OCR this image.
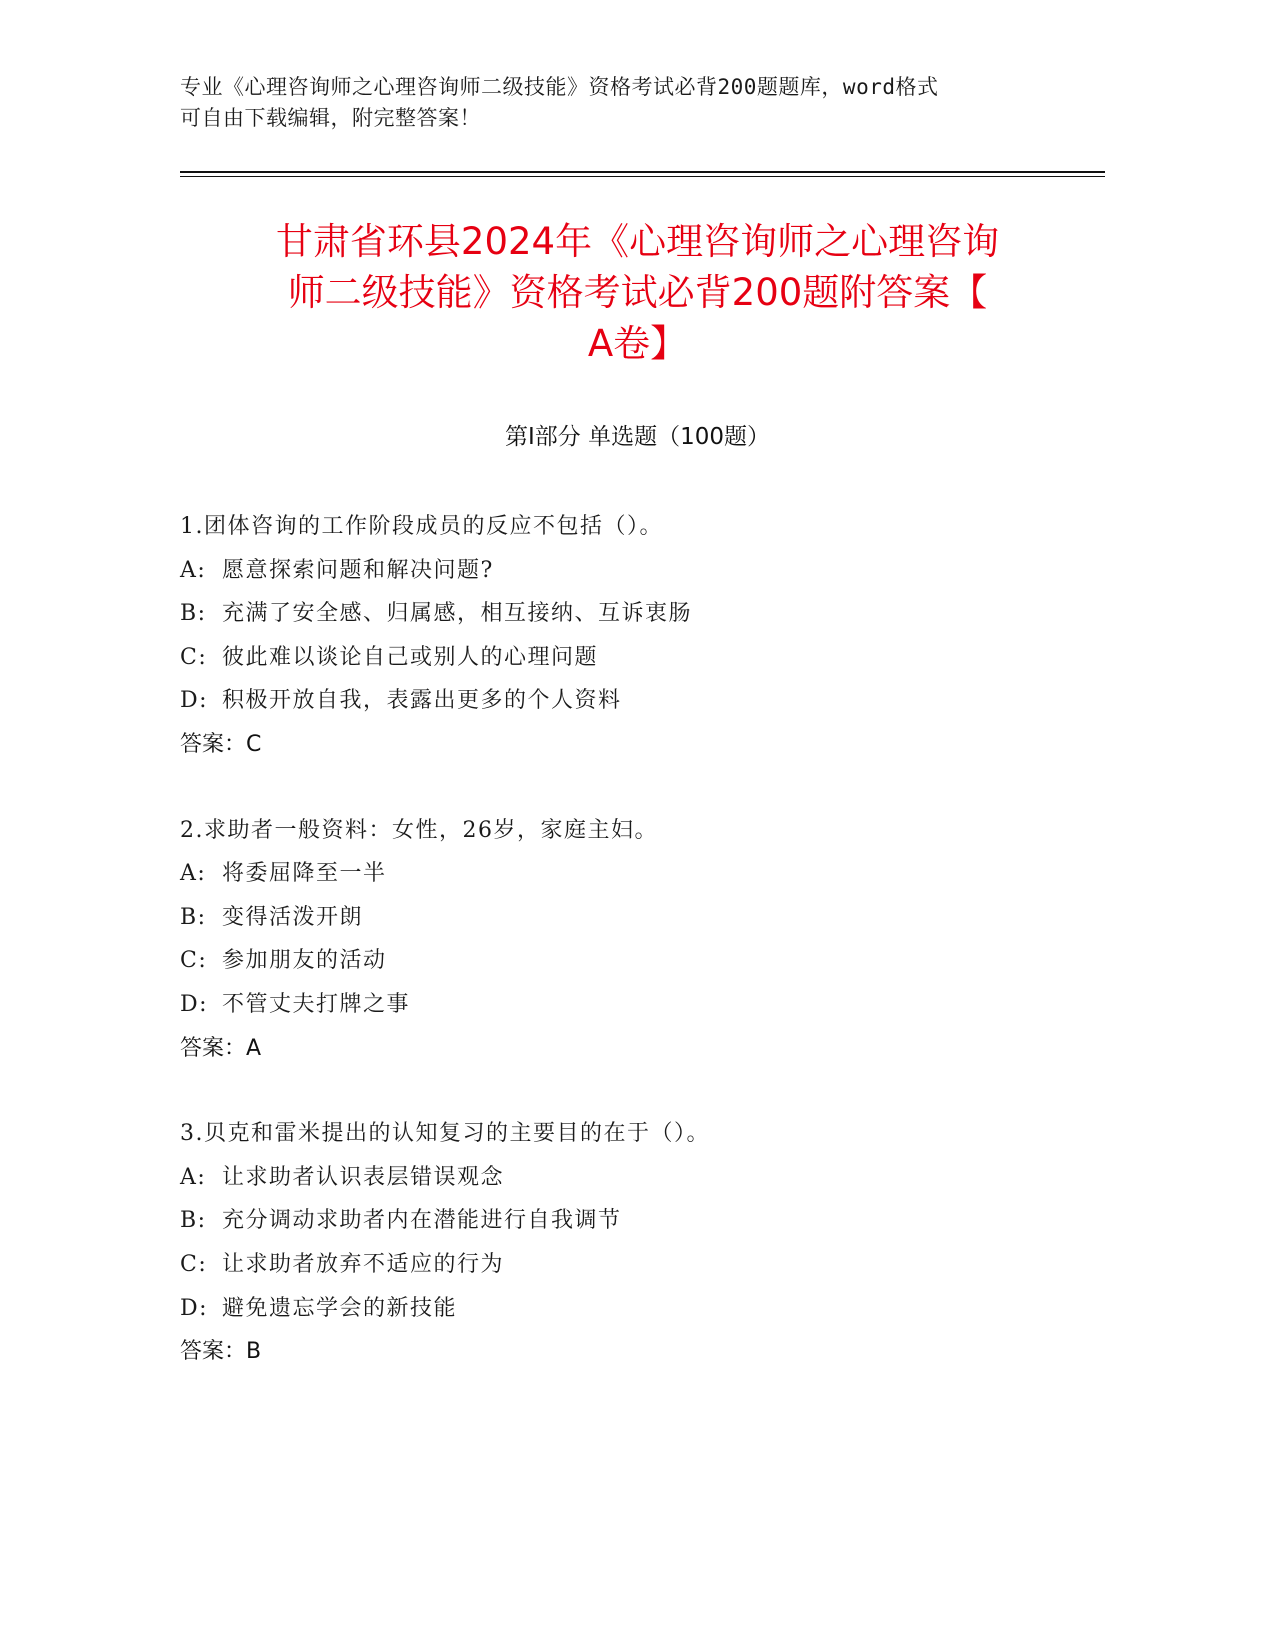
专业《心理咨询师之心理咨询师二级技能》资格考试必背200题题库，word格式
可自由下载编辑，附完整答案！
甘肃省环县2024年《心理咨询师之心理咨询
师二级技能》资格考试必背200题附答案【
A卷】
第Ⅰ部分 单选题（100题）
1.团体咨询的工作阶段成员的反应不包括（）。
A: 愿意探索问题和解决问题?
B: 充满了安全感、归属感，相互接纳、互诉衷肠
C: 彼此难以谈论自己或别人的心理问题
D: 积极开放自我，表露出更多的个人资料
答案：C
2.求助者一般资料：女性，26岁，家庭主妇。
A: 将委屈降至一半
B: 变得活泼开朗
C: 参加朋友的活动
D: 不管丈夫打牌之事
答案：A
3.贝克和雷米提出的认知复习的主要目的在于（）。
A: 让求助者认识表层错误观念
B: 充分调动求助者内在潜能进行自我调节
C: 让求助者放弃不适应的行为
D: 避免遗忘学会的新技能
答案：B
